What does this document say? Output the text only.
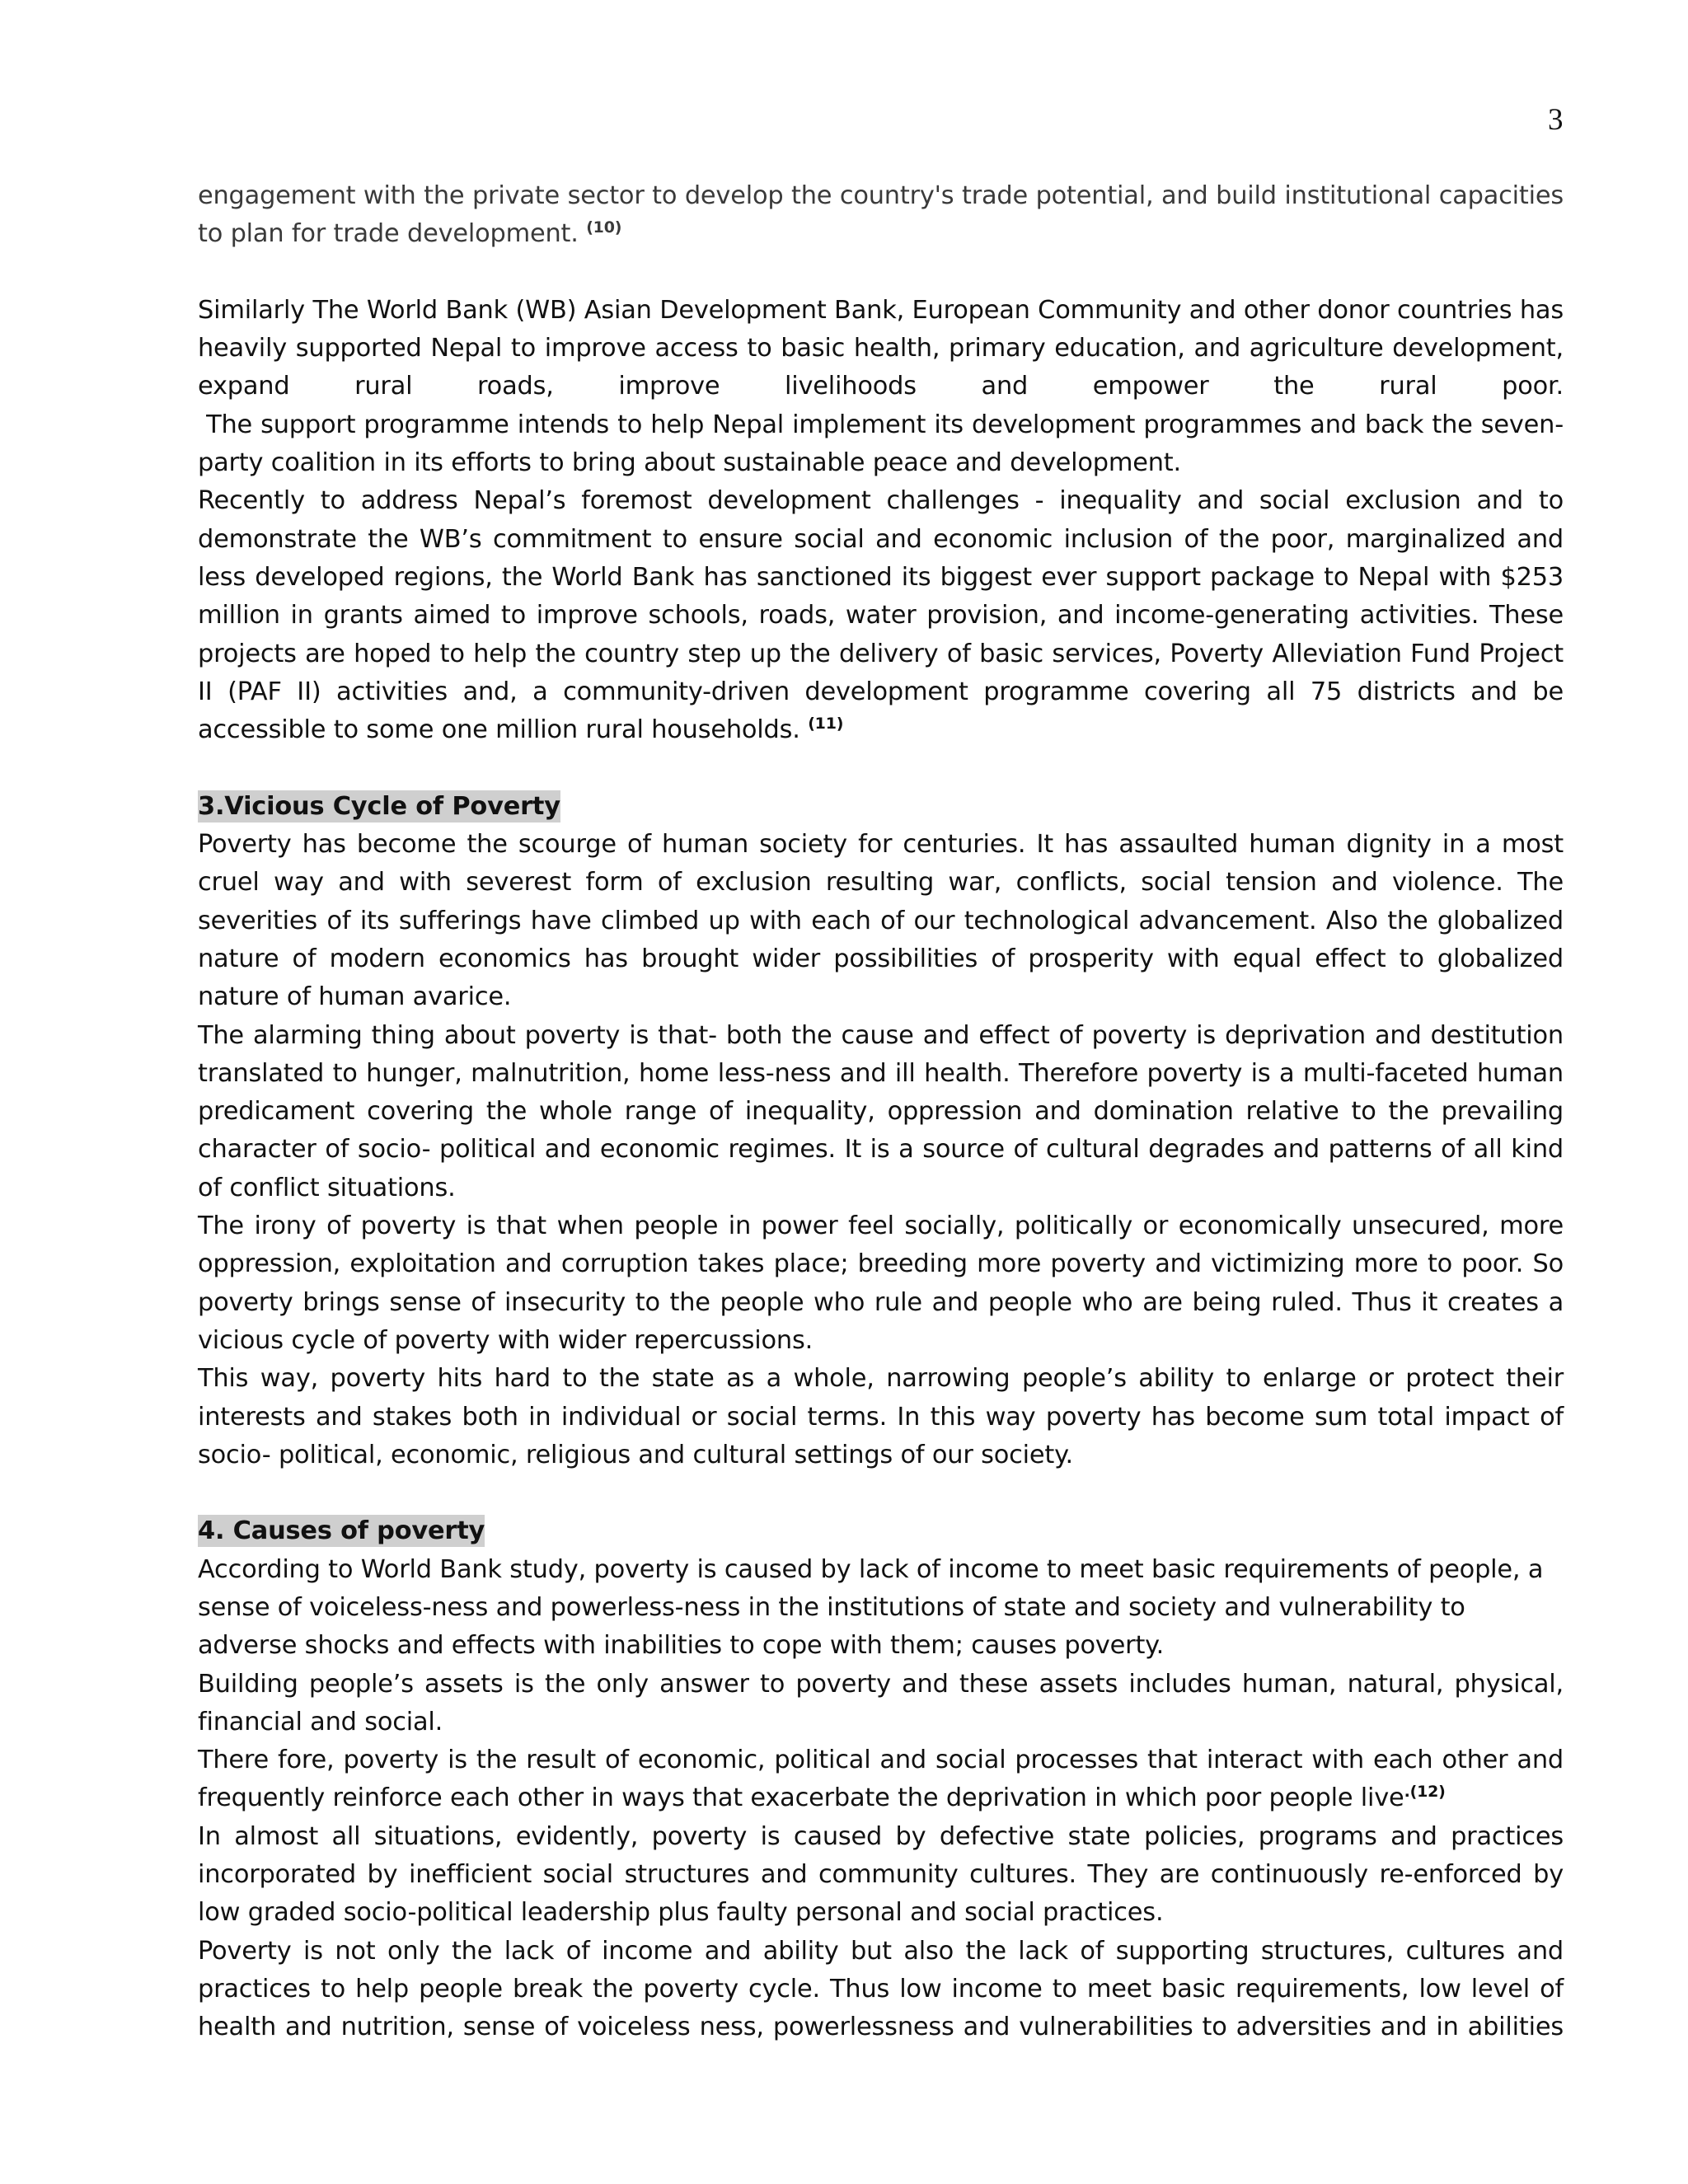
3

engagement with the private sector to develop the country's trade potential, and build institutional capacities to plan for trade development. $^{(10)}$

Similarly The World Bank (WB) Asian Development Bank, European Community and other donor countries has heavily supported Nepal to improve access to basic health, primary education, and agriculture development, expand rural roads, improve livelihoods and empower the rural poor.

The support programme intends to help Nepal implement its development programmes and back the seven-party coalition in its efforts to bring about sustainable peace and development.

Recently to address Nepal’s foremost development challenges - inequality and social exclusion and to demonstrate the WB’s commitment to ensure social and economic inclusion of the poor, marginalized and less developed regions, the World Bank has sanctioned its biggest ever support package to Nepal with $253 million in grants aimed to improve schools, roads, water provision, and income-generating activities. These projects are hoped to help the country step up the delivery of basic services, Poverty Alleviation Fund Project II (PAF II) activities and, a community-driven development programme covering all 75 districts and be accessible to some one million rural households. $^{(11)}$

3.Vicious Cycle of Poverty

Poverty has become the scourge of human society for centuries. It has assaulted human dignity in a most cruel way and with severest form of exclusion resulting war, conflicts, social tension and violence. The severities of its sufferings have climbed up with each of our technological advancement. Also the globalized nature of modern economics has brought wider possibilities of prosperity with equal effect to globalized nature of human avarice.

The alarming thing about poverty is that- both the cause and effect of poverty is deprivation and destitution translated to hunger, malnutrition, home less-ness and ill health. Therefore poverty is a multi-faceted human predicament covering the whole range of inequality, oppression and domination relative to the prevailing character of socio- political and economic regimes. It is a source of cultural degrades and patterns of all kind of conflict situations.

The irony of poverty is that when people in power feel socially, politically or economically unsecured, more oppression, exploitation and corruption takes place; breeding more poverty and victimizing more to poor. So poverty brings sense of insecurity to the people who rule and people who are being ruled. Thus it creates a vicious cycle of poverty with wider repercussions.

This way, poverty hits hard to the state as a whole, narrowing people’s ability to enlarge or protect their interests and stakes both in individual or social terms. In this way poverty has become sum total impact of socio- political, economic, religious and cultural settings of our society.

4. Causes of poverty

According to World Bank study, poverty is caused by lack of income to meet basic requirements of people, a sense of voiceless-ness and powerless-ness in the institutions of state and society and vulnerability to adverse shocks and effects with inabilities to cope with them; causes poverty.

Building people’s assets is the only answer to poverty and these assets includes human, natural, physical, financial and social.

There fore, poverty is the result of economic, political and social processes that interact with each other and frequently reinforce each other in ways that exacerbate the deprivation in which poor people live$^{.(12)}$

In almost all situations, evidently, poverty is caused by defective state policies, programs and practices incorporated by inefficient social structures and community cultures. They are continuously re-enforced by low graded socio-political leadership plus faulty personal and social practices.

Poverty is not only the lack of income and ability but also the lack of supporting structures, cultures and practices to help people break the poverty cycle. Thus low income to meet basic requirements, low level of health and nutrition, sense of voiceless ness, powerlessness and vulnerabilities to adversities and in abilities
